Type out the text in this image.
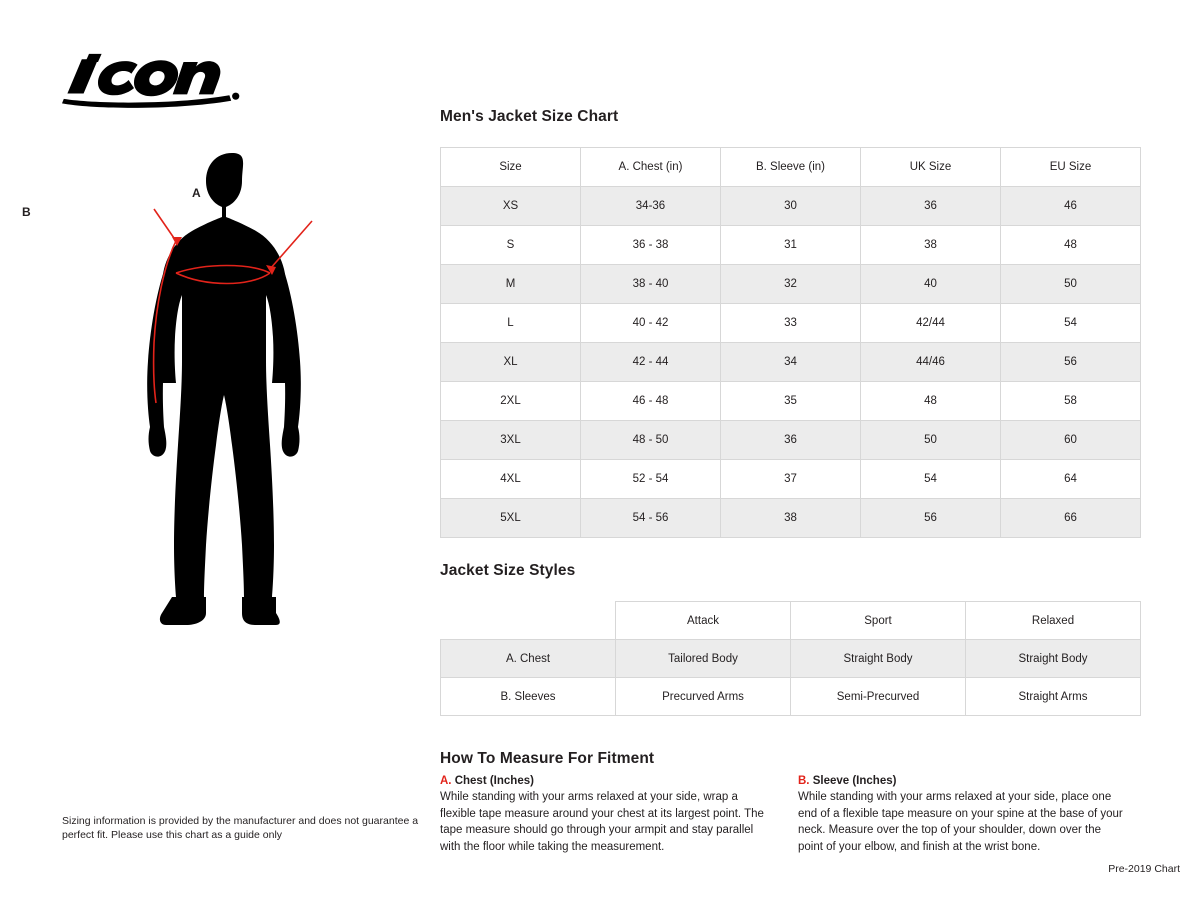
A
B
Sizing information is provided by the manufacturer and does not guarantee a perfect fit. Please use this chart as a guide only
Men's Jacket Size Chart
Size	A. Chest (in)	B. Sleeve (in)	UK Size	EU Size
XS	34-36	30	36	46
S	36 - 38	31	38	48
M	38 - 40	32	40	50
L	40 - 42	33	42/44	54
XL	42 - 44	34	44/46	56
2XL	46 - 48	35	48	58
3XL	48 - 50	36	50	60
4XL	52 - 54	37	54	64
5XL	54 - 56	38	56	66
Jacket Size Styles
	Attack	Sport	Relaxed
A. Chest	Tailored Body	Straight Body	Straight Body
B. Sleeves	Precurved Arms	Semi-Precurved	Straight Arms
How To Measure For Fitment
A. Chest (Inches)
While standing with your arms relaxed at your side, wrap a flexible tape measure around your chest at its largest point. The tape measure should go through your armpit and stay parallel with the floor while taking the measurement.
B. Sleeve (Inches)
While standing with your arms relaxed at your side, place one end of a flexible tape measure on your spine at the base of your neck. Measure over the top of your shoulder, down over the point of your elbow, and finish at the wrist bone.
Pre-2019 Chart
